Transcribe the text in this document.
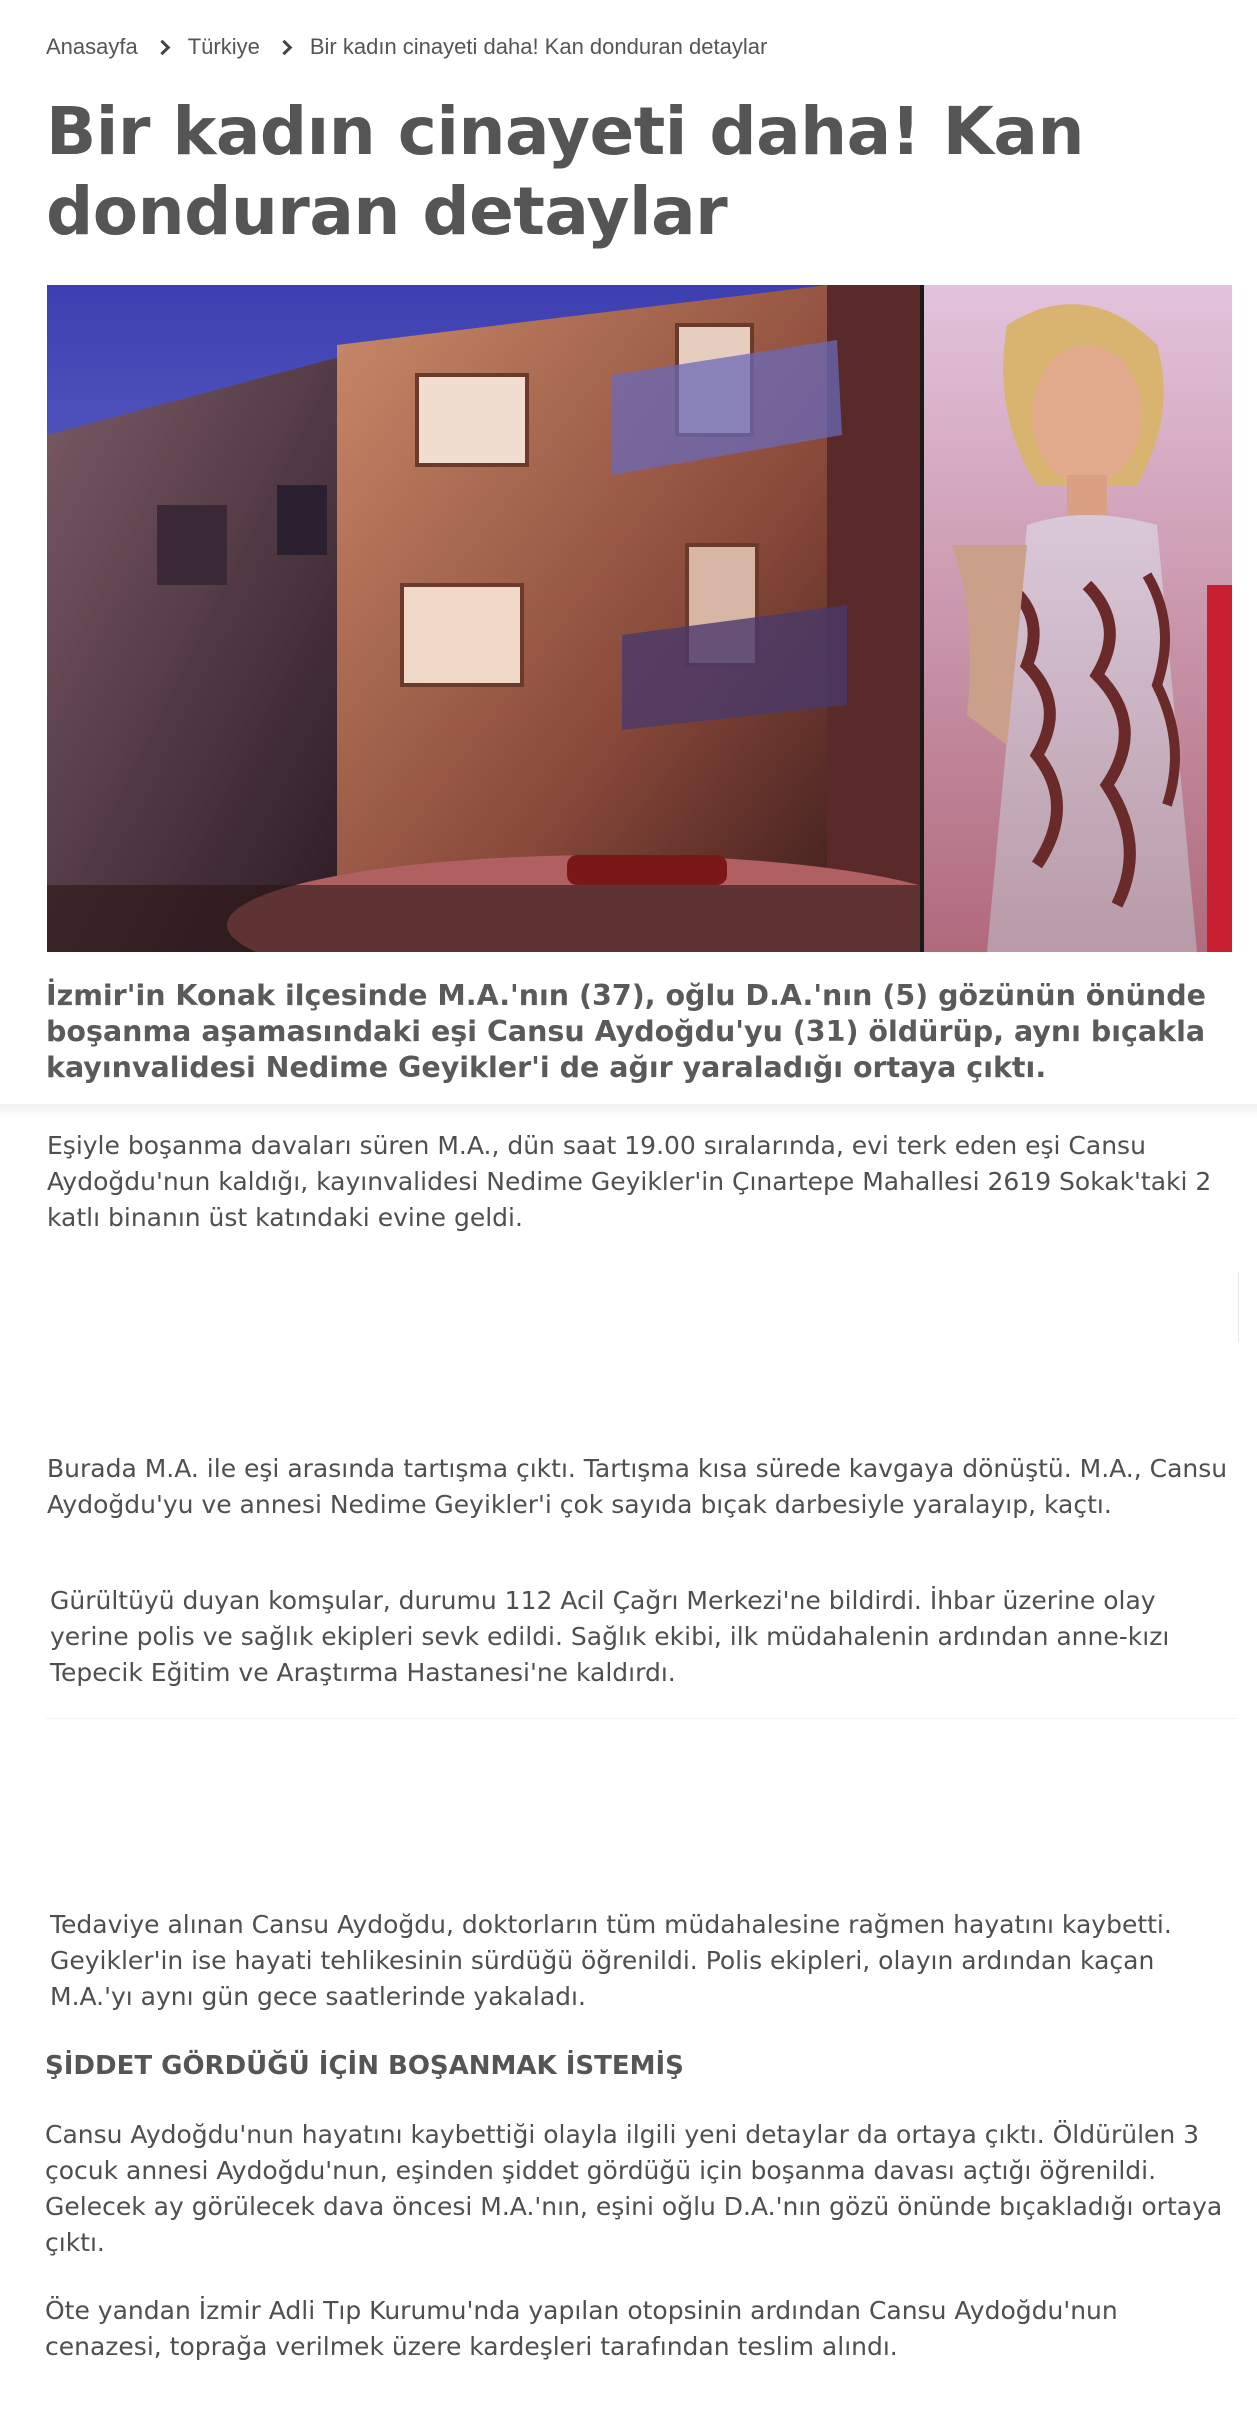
Anasayfa Türkiye Bir kadın cinayeti daha! Kan donduran detaylar
Bir kadın cinayeti daha! Kan donduran detaylar

İzmir'in Konak ilçesinde M.A.'nın (37), oğlu D.A.'nın (5) gözünün önünde boşanma aşamasındaki eşi Cansu Aydoğdu'yu (31) öldürüp, aynı bıçakla kayınvalidesi Nedime Geyikler'i de ağır yaraladığı ortaya çıktı.

Eşiyle boşanma davaları süren M.A., dün saat 19.00 sıralarında, evi terk eden eşi Cansu Aydoğdu'nun kaldığı, kayınvalidesi Nedime Geyikler'in Çınartepe Mahallesi 2619 Sokak'taki 2 katlı binanın üst katındaki evine geldi.

Burada M.A. ile eşi arasında tartışma çıktı. Tartışma kısa sürede kavgaya dönüştü. M.A., Cansu Aydoğdu'yu ve annesi Nedime Geyikler'i çok sayıda bıçak darbesiyle yaralayıp, kaçtı.

Gürültüyü duyan komşular, durumu 112 Acil Çağrı Merkezi'ne bildirdi. İhbar üzerine olay yerine polis ve sağlık ekipleri sevk edildi. Sağlık ekibi, ilk müdahalenin ardından anne-kızı Tepecik Eğitim ve Araştırma Hastanesi'ne kaldırdı.

Tedaviye alınan Cansu Aydoğdu, doktorların tüm müdahalesine rağmen hayatını kaybetti. Geyikler'in ise hayati tehlikesinin sürdüğü öğrenildi. Polis ekipleri, olayın ardından kaçan M.A.'yı aynı gün gece saatlerinde yakaladı.

ŞİDDET GÖRDÜĞÜ İÇİN BOŞANMAK İSTEMİŞ

Cansu Aydoğdu'nun hayatını kaybettiği olayla ilgili yeni detaylar da ortaya çıktı. Öldürülen 3 çocuk annesi Aydoğdu'nun, eşinden şiddet gördüğü için boşanma davası açtığı öğrenildi. Gelecek ay görülecek dava öncesi M.A.'nın, eşini oğlu D.A.'nın gözü önünde bıçakladığı ortaya çıktı.

Öte yandan İzmir Adli Tıp Kurumu'nda yapılan otopsinin ardından Cansu Aydoğdu'nun cenazesi, toprağa verilmek üzere kardeşleri tarafından teslim alındı.
